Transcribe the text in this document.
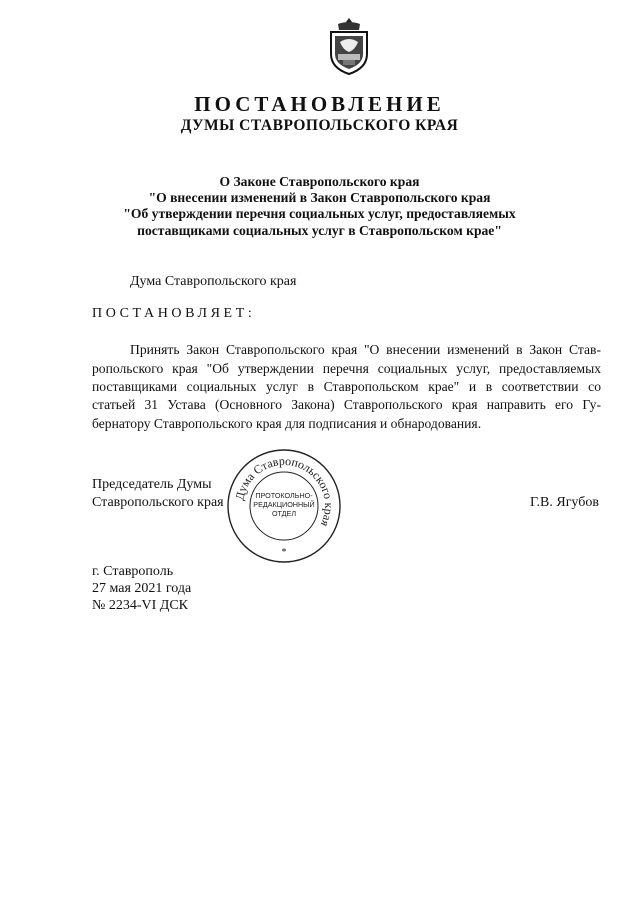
ПОСТАНОВЛЕНИЕ
ДУМЫ СТАВРОПОЛЬСКОГО КРАЯ
О Законе Ставропольского края
"О внесении изменений в Закон Ставропольского края
"Об утверждении перечня социальных услуг, предоставляемых
поставщиками социальных услуг в Ставропольском крае"
Дума Ставропольского края
ПОСТАНОВЛЯЕТ:
Принять Закон Ставропольского края "О внесении изменений в Закон Став-
ропольского края "Об утверждении перечня социальных услуг, предоставляемых
поставщиками социальных услуг в Ставропольском крае" и в соответствии со
статьей 31 Устава (Основного Закона) Ставропольского края направить его Гу-
бернатору Ставропольского края для подписания и обнародования.
Председатель Думы
Ставропольского края	Г.В. Ягубов
Дума Ставропольского края
ПРОТОКОЛЬНО-
РЕДАКЦИОННЫЙ
ОТДЕЛ
*
г. Ставрополь
27 мая 2021 года
№ 2234-VI ДСК
